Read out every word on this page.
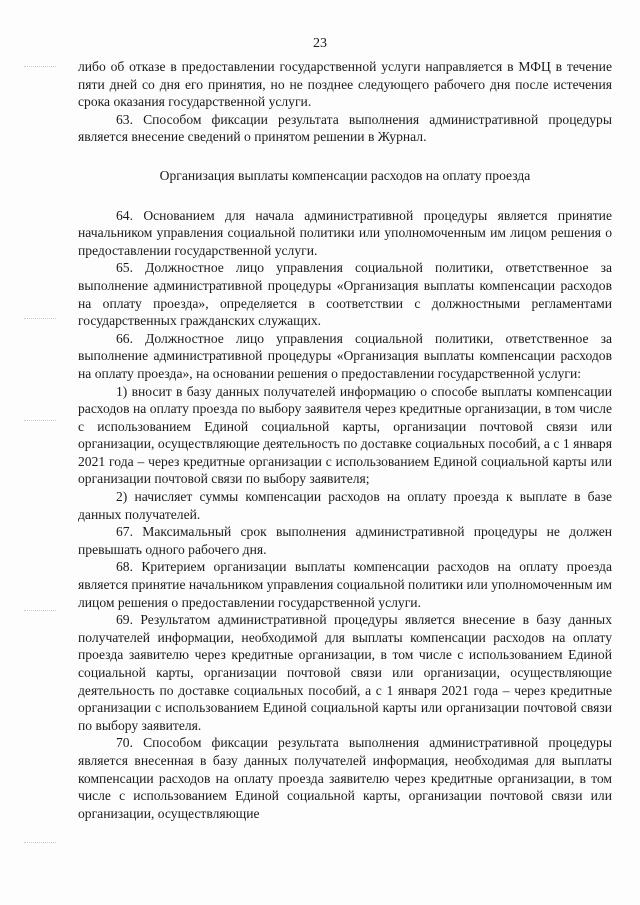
23

либо об отказе в предоставлении государственной услуги направляется в МФЦ в течение пяти дней со дня его принятия, но не позднее следующего рабочего дня после истечения срока оказания государственной услуги.

63. Способом фиксации результата выполнения административной процедуры является внесение сведений о принятом решении в Журнал.

Организация выплаты компенсации расходов на оплату проезда

64. Основанием для начала административной процедуры является принятие начальником управления социальной политики или уполномоченным им лицом решения о предоставлении государственной услуги.

65. Должностное лицо управления социальной политики, ответственное за выполнение административной процедуры «Организация выплаты компенсации расходов на оплату проезда», определяется в соответствии с должностными регламентами государственных гражданских служащих.

66. Должностное лицо управления социальной политики, ответственное за выполнение административной процедуры «Организация выплаты компенсации расходов на оплату проезда», на основании решения о предоставлении государственной услуги:

1) вносит в базу данных получателей информацию о способе выплаты компенсации расходов на оплату проезда по выбору заявителя через кредитные организации, в том числе с использованием Единой социальной карты, организации почтовой связи или организации, осуществляющие деятельность по доставке социальных пособий, а с 1 января 2021 года – через кредитные организации с использованием Единой социальной карты или организации почтовой связи по выбору заявителя;

2) начисляет суммы компенсации расходов на оплату проезда к выплате в базе данных получателей.

67. Максимальный срок выполнения административной процедуры не должен превышать одного рабочего дня.

68. Критерием организации выплаты компенсации расходов на оплату проезда является принятие начальником управления социальной политики или уполномоченным им лицом решения о предоставлении государственной услуги.

69. Результатом административной процедуры является внесение в базу данных получателей информации, необходимой для выплаты компенсации расходов на оплату проезда заявителю через кредитные организации, в том числе с использованием Единой социальной карты, организации почтовой связи или организации, осуществляющие деятельность по доставке социальных пособий, а с 1 января 2021 года – через кредитные организации с использованием Единой социальной карты или организации почтовой связи по выбору заявителя.

70. Способом фиксации результата выполнения административной процедуры является внесенная в базу данных получателей информация, необходимая для выплаты компенсации расходов на оплату проезда заявителю через кредитные организации, в том числе с использованием Единой социальной карты, организации почтовой связи или организации, осуществляющие
